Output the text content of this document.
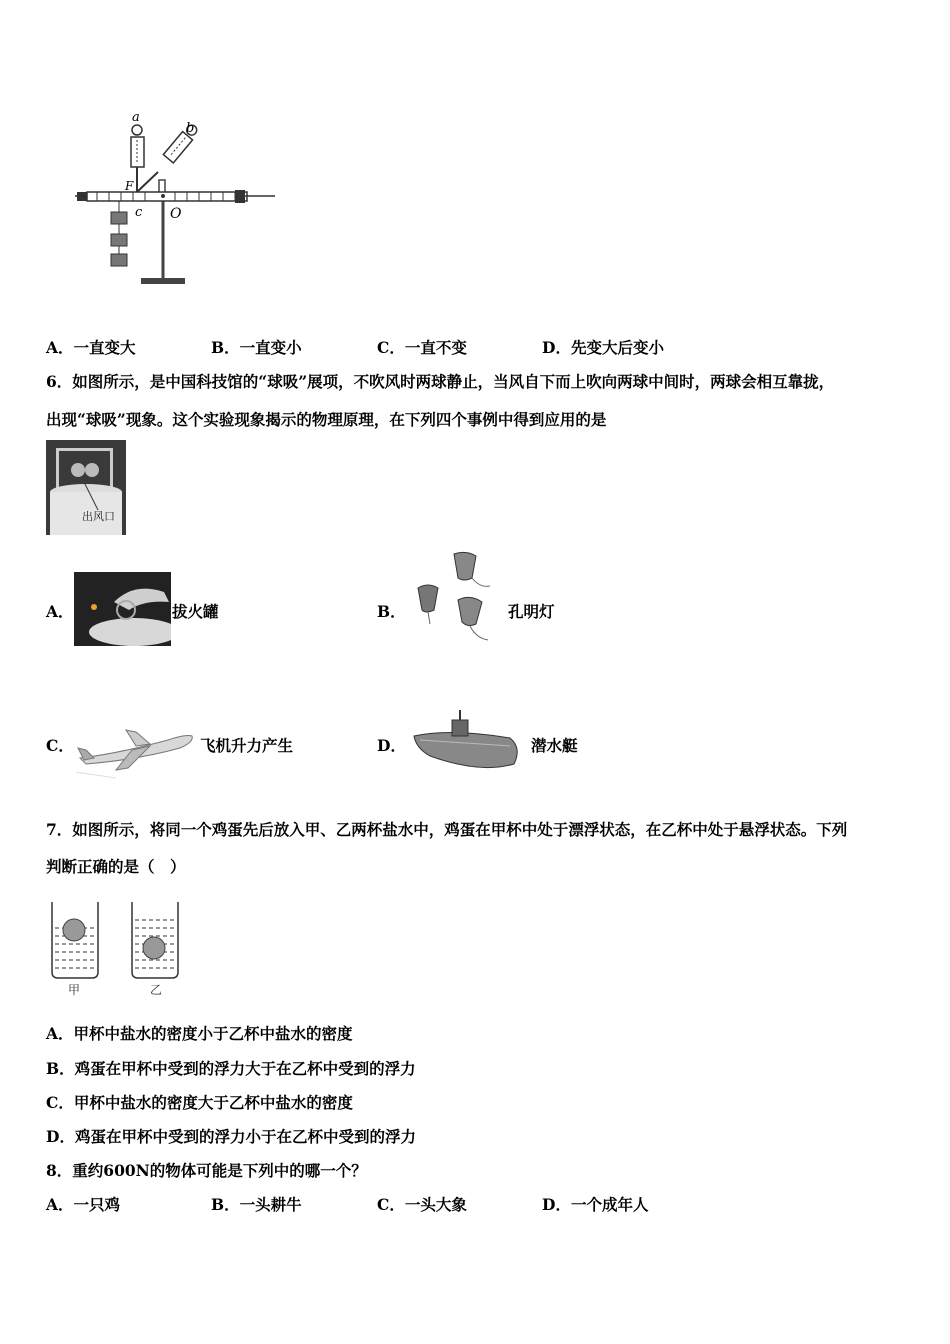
a
b
F
c O
A．一直变大	B．一直变小	C．一直不变	D．先变大后变小
6．如图所示，是中国科技馆的“球吸”展项，不吹风时两球静止，当风自下而上吹向两球中间时，两球会相互靠拢，
出现“球吸”现象。这个实验现象揭示的物理原理，在下列四个事例中得到应用的是
出风口
A．	拔火罐	B．	孔明灯
C．	飞机升力产生	D．	潜水艇
7．如图所示，将同一个鸡蛋先后放入甲、乙两杯盐水中，鸡蛋在甲杯中处于漂浮状态，在乙杯中处于悬浮状态。下列
判断正确的是（　）
甲	乙
A．甲杯中盐水的密度小于乙杯中盐水的密度
B．鸡蛋在甲杯中受到的浮力大于在乙杯中受到的浮力
C．甲杯中盐水的密度大于乙杯中盐水的密度
D．鸡蛋在甲杯中受到的浮力小于在乙杯中受到的浮力
8．重约600N的物体可能是下列中的哪一个？
A．一只鸡	B．一头耕牛	C．一头大象	D．一个成年人
